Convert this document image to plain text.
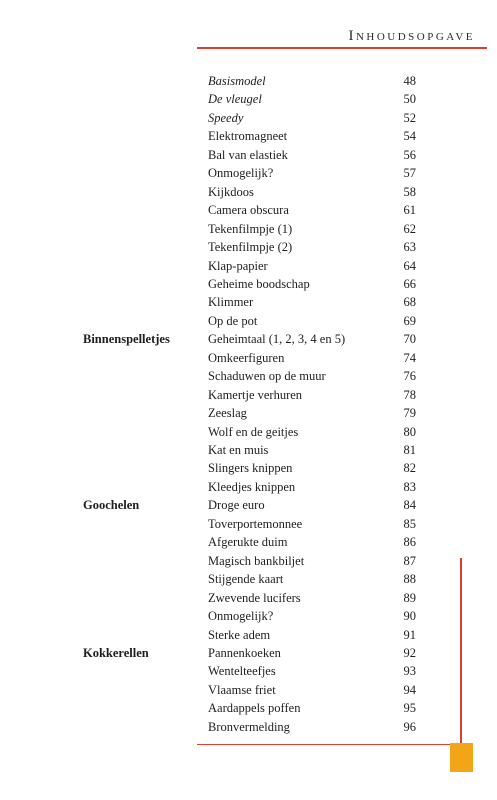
Inhoudsopgave
Basismodel	48
De vleugel	50
Speedy	52
Elektromagneet	54
Bal van elastiek	56
Onmogelijk?	57
Kijkdoos	58
Camera obscura	61
Tekenfilmpje (1)	62
Tekenfilmpje (2)	63
Klap-papier	64
Geheime boodschap	66
Klimmer	68
Op de pot	69
Binnenspelletjes	Geheimtaal (1, 2, 3, 4 en 5)	70
Omkeerfiguren	74
Schaduwen op de muur	76
Kamertje verhuren	78
Zeeslag	79
Wolf en de geitjes	80
Kat en muis	81
Slingers knippen	82
Kleedjes knippen	83
Goochelen	Droge euro	84
Toverportemonnee	85
Afgerukte duim	86
Magisch bankbiljet	87
Stijgende kaart	88
Zwevende lucifers	89
Onmogelijk?	90
Sterke adem	91
Kokkerellen	Pannenkoeken	92
Wentelteefjes	93
Vlaamse friet	94
Aardappels poffen	95
Bronvermelding	96
